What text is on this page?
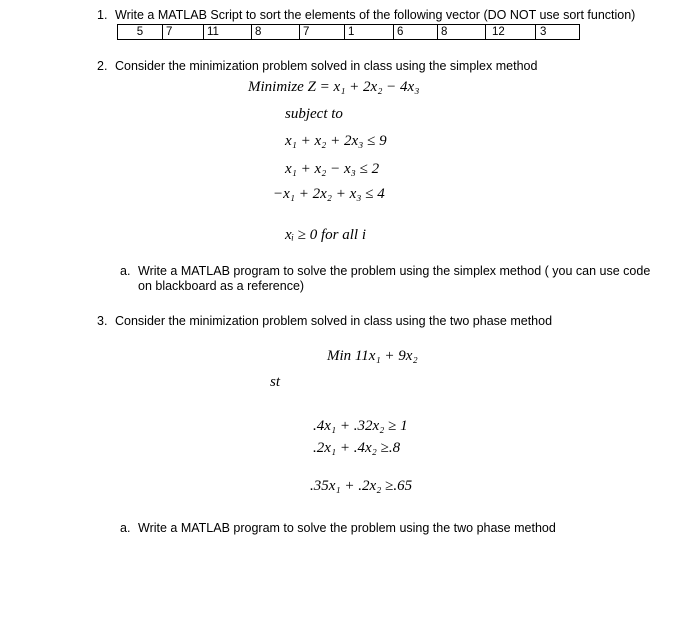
1. Write a MATLAB Script to sort the elements of the following vector (DO NOT use sort function)
5	7	11	8	7	1	6	8	12	3
2. Consider the minimization problem solved in class using the simplex method
Minimize Z = x₁ + 2x₂ − 4x₃
subject to
x₁ + x₂ + 2x₃ ≤ 9
x₁ + x₂ − x₃ ≤ 2
−x₁ + 2x₂ + x₃ ≤ 4
xᵢ ≥ 0 for all i
a. Write a MATLAB program to solve the problem using the simplex method ( you can use code
on blackboard as a reference)
3. Consider the minimization problem solved in class using the two phase method
Min 11x₁ + 9x₂
st
.4x₁ + .32x₂ ≥ 1
.2x₁ + .4x₂ ≥.8
.35x₁ + .2x₂ ≥.65
a. Write a MATLAB program to solve the problem using the two phase method
